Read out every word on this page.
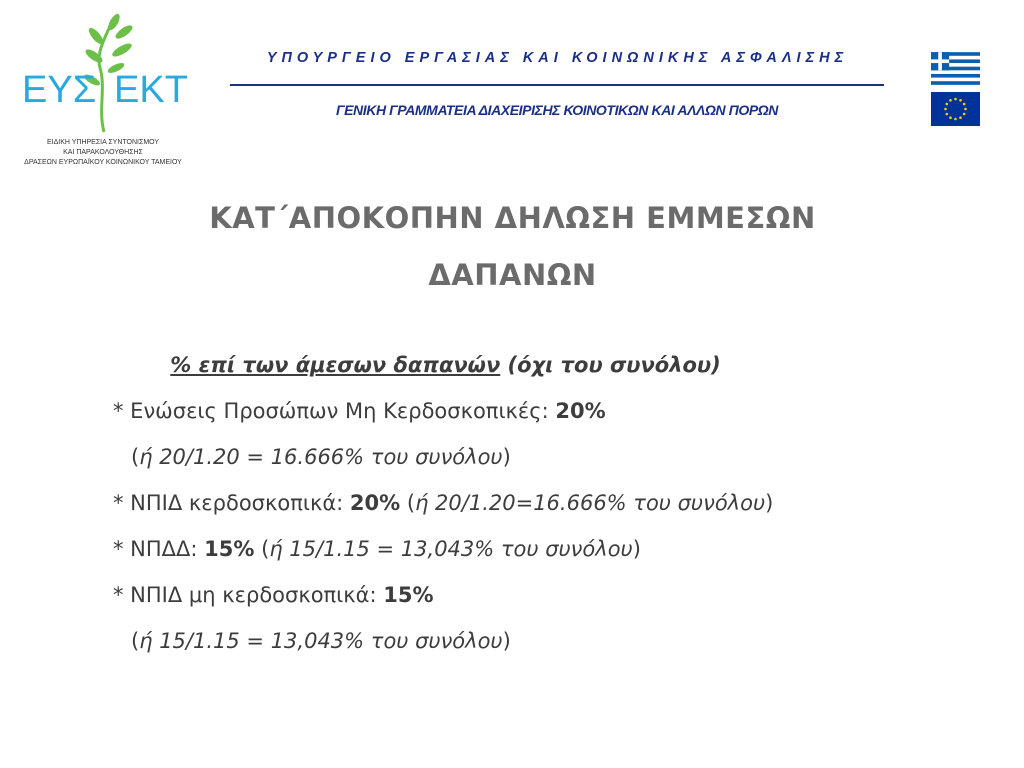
ΕΥΣ ΕΚΤ
ΕΙΔΙΚΗ ΥΠΗΡΕΣΙΑ ΣΥΝΤΟΝΙΣΜΟΥ
ΚΑΙ ΠΑΡΑΚΟΛΟΥΘΗΣΗΣ
ΔΡΑΣΕΩΝ ΕΥΡΩΠΑΪΚΟΥ ΚΟΙΝΩΝΙΚΟΥ ΤΑΜΕΙΟΥ
ΥΠΟΥΡΓΕΙΟ ΕΡΓΑΣΙΑΣ ΚΑΙ ΚΟΙΝΩΝΙΚΗΣ ΑΣΦΑΛΙΣΗΣ
ΓΕΝΙΚΗ ΓΡΑΜΜΑΤΕΙΑ ΔΙΑΧΕΙΡΙΣΗΣ ΚΟΙΝΟΤΙΚΩΝ ΚΑΙ ΑΛΛΩΝ ΠΟΡΩΝ
ΚΑΤ΄ΑΠΟΚΟΠΗΝ ΔΗΛΩΣΗ ΕΜΜΕΣΩΝ
ΔΑΠΑΝΩΝ
% επί των άμεσων δαπανών (όχι του συνόλου)
* Ενώσεις Προσώπων Μη Κερδοσκοπικές: 20%
(ή 20/1.20 = 16.666% του συνόλου)
* ΝΠΙΔ κερδοσκοπικά: 20% (ή 20/1.20=16.666% του συνόλου)
* ΝΠΔΔ: 15% (ή 15/1.15 = 13,043% του συνόλου)
* ΝΠΙΔ μη κερδοσκοπικά: 15%
(ή 15/1.15 = 13,043% του συνόλου)
